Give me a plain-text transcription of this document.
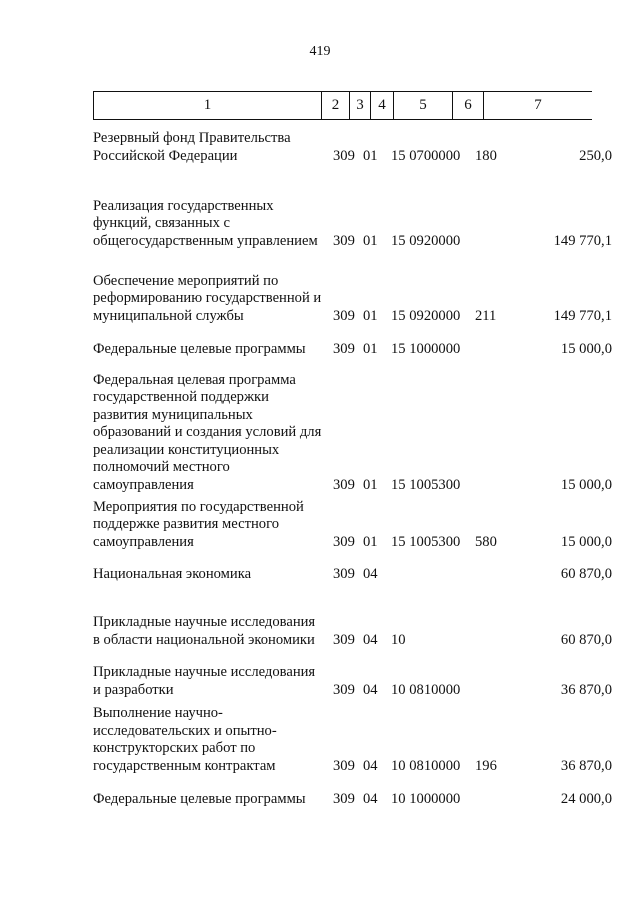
419
1	2	3	4	5	6	7
Резервный фонд Правительства Российской Федерации	309 01 15 0700000 180	250,0
Реализация государственных функций, связанных с общегосударственным управлением	309 01 15 0920000	149 770,1
Обеспечение мероприятий по реформированию государственной и муниципальной службы	309 01 15 0920000 211	149 770,1
Федеральные целевые программы	309 01 15 1000000	15 000,0
Федеральная целевая программа государственной поддержки развития муниципальных образований и создания условий для реализации конституционных полномочий местного самоуправления	309 01 15 1005300	15 000,0
Мероприятия по государственной поддержке развития местного самоуправления	309 01 15 1005300 580	15 000,0
Национальная экономика	309 04	60 870,0
Прикладные научные исследования в области национальной экономики	309 04 10	60 870,0
Прикладные научные исследования и разработки	309 04 10 0810000	36 870,0
Выполнение научно-исследовательских и опытно-конструкторских работ по государственным контрактам	309 04 10 0810000 196	36 870,0
Федеральные целевые программы	309 04 10 1000000	24 000,0
